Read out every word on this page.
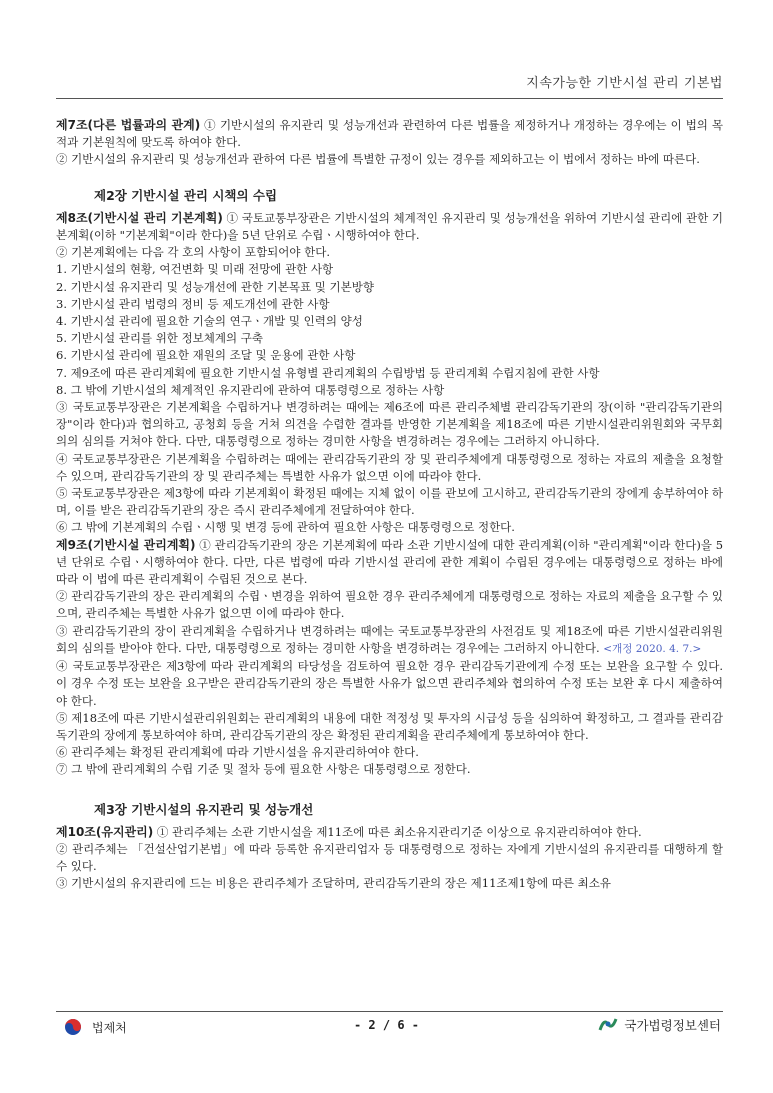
지속가능한 기반시설 관리 기본법

제7조(다른 법률과의 관계) ① 기반시설의 유지관리 및 성능개선과 관련하여 다른 법률을 제정하거나 개정하는 경우에는 이 법의 목적과 기본원칙에 맞도록 하여야 한다.

② 기반시설의 유지관리 및 성능개선과 관하여 다른 법률에 특별한 규정이 있는 경우를 제외하고는 이 법에서 정하는 바에 따른다.

제2장 기반시설 관리 시책의 수립

제8조(기반시설 관리 기본계획) ① 국토교통부장관은 기반시설의 체계적인 유지관리 및 성능개선을 위하여 기반시설 관리에 관한 기본계획(이하 "기본계획"이라 한다)을 5년 단위로 수립ㆍ시행하여야 한다.

② 기본계획에는 다음 각 호의 사항이 포함되어야 한다.

1. 기반시설의 현황, 여건변화 및 미래 전망에 관한 사항

2. 기반시설 유지관리 및 성능개선에 관한 기본목표 및 기본방향

3. 기반시설 관리 법령의 정비 등 제도개선에 관한 사항

4. 기반시설 관리에 필요한 기술의 연구ㆍ개발 및 인력의 양성

5. 기반시설 관리를 위한 정보체계의 구축

6. 기반시설 관리에 필요한 재원의 조달 및 운용에 관한 사항

7. 제9조에 따른 관리계획에 필요한 기반시설 유형별 관리계획의 수립방법 등 관리계획 수립지침에 관한 사항

8. 그 밖에 기반시설의 체계적인 유지관리에 관하여 대통령령으로 정하는 사항

③ 국토교통부장관은 기본계획을 수립하거나 변경하려는 때에는 제6조에 따른 관리주체별 관리감독기관의 장(이하 "관리감독기관의 장"이라 한다)과 협의하고, 공청회 등을 거쳐 의견을 수렴한 결과를 반영한 기본계획을 제18조에 따른 기반시설관리위원회와 국무회의의 심의를 거쳐야 한다. 다만, 대통령령으로 정하는 경미한 사항을 변경하려는 경우에는 그러하지 아니하다.

④ 국토교통부장관은 기본계획을 수립하려는 때에는 관리감독기관의 장 및 관리주체에게 대통령령으로 정하는 자료의 제출을 요청할 수 있으며, 관리감독기관의 장 및 관리주체는 특별한 사유가 없으면 이에 따라야 한다.

⑤ 국토교통부장관은 제3항에 따라 기본계획이 확정된 때에는 지체 없이 이를 관보에 고시하고, 관리감독기관의 장에게 송부하여야 하며, 이를 받은 관리감독기관의 장은 즉시 관리주체에게 전달하여야 한다.

⑥ 그 밖에 기본계획의 수립ㆍ시행 및 변경 등에 관하여 필요한 사항은 대통령령으로 정한다.

제9조(기반시설 관리계획) ① 관리감독기관의 장은 기본계획에 따라 소관 기반시설에 대한 관리계획(이하 "관리계획"이라 한다)을 5년 단위로 수립ㆍ시행하여야 한다. 다만, 다른 법령에 따라 기반시설 관리에 관한 계획이 수립된 경우에는 대통령령으로 정하는 바에 따라 이 법에 따른 관리계획이 수립된 것으로 본다.

② 관리감독기관의 장은 관리계획의 수립ㆍ변경을 위하여 필요한 경우 관리주체에게 대통령령으로 정하는 자료의 제출을 요구할 수 있으며, 관리주체는 특별한 사유가 없으면 이에 따라야 한다.

③ 관리감독기관의 장이 관리계획을 수립하거나 변경하려는 때에는 국토교통부장관의 사전검토 및 제18조에 따른 기반시설관리위원회의 심의를 받아야 한다. 다만, 대통령령으로 정하는 경미한 사항을 변경하려는 경우에는 그러하지 아니한다. <개정 2020. 4. 7.>

④ 국토교통부장관은 제3항에 따라 관리계획의 타당성을 검토하여 필요한 경우 관리감독기관에게 수정 또는 보완을 요구할 수 있다. 이 경우 수정 또는 보완을 요구받은 관리감독기관의 장은 특별한 사유가 없으면 관리주체와 협의하여 수정 또는 보완 후 다시 제출하여야 한다.

⑤ 제18조에 따른 기반시설관리위원회는 관리계획의 내용에 대한 적정성 및 투자의 시급성 등을 심의하여 확정하고, 그 결과를 관리감독기관의 장에게 통보하여야 하며, 관리감독기관의 장은 확정된 관리계획을 관리주체에게 통보하여야 한다.

⑥ 관리주체는 확정된 관리계획에 따라 기반시설을 유지관리하여야 한다.

⑦ 그 밖에 관리계획의 수립 기준 및 절차 등에 필요한 사항은 대통령령으로 정한다.

제3장 기반시설의 유지관리 및 성능개선

제10조(유지관리) ① 관리주체는 소관 기반시설을 제11조에 따른 최소유지관리기준 이상으로 유지관리하여야 한다.

② 관리주체는 「건설산업기본법」에 따라 등록한 유지관리업자 등 대통령령으로 정하는 자에게 기반시설의 유지관리를 대행하게 할 수 있다.

③ 기반시설의 유지관리에 드는 비용은 관리주체가 조달하며, 관리감독기관의 장은 제11조제1항에 따른 최소유

법제처	- 2 / 6 -	국가법령정보센터
